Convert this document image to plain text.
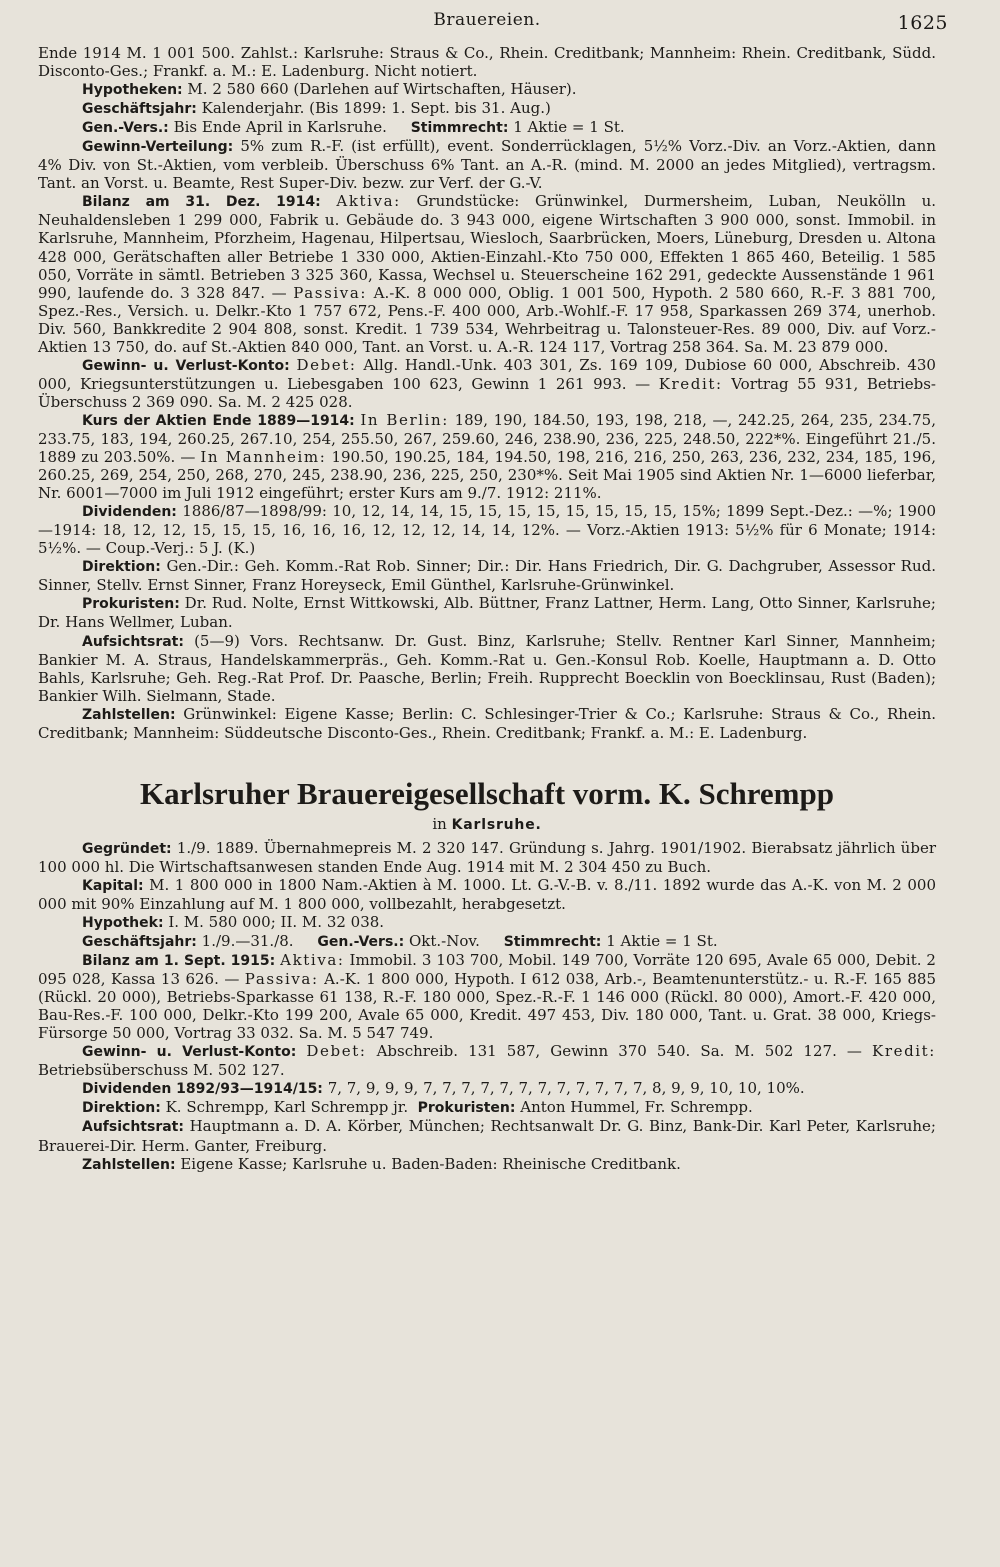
Brauereien.	1625

Ende 1914 M. 1 001 500. Zahlst.: Karlsruhe: Straus & Co., Rhein. Creditbank; Mannheim: Rhein. Creditbank, Südd. Disconto-Ges.; Frankf. a. M.: E. Ladenburg. Nicht notiert.

Hypotheken: M. 2 580 660 (Darlehen auf Wirtschaften, Häuser).

Geschäftsjahr: Kalenderjahr. (Bis 1899: 1. Sept. bis 31. Aug.)

Gen.-Vers.: Bis Ende April in Karlsruhe. Stimmrecht: 1 Aktie = 1 St.

Gewinn-Verteilung: 5% zum R.-F. (ist erfüllt), event. Sonderrücklagen, 5½% Vorz.-Div. an Vorz.-Aktien, dann 4% Div. von St.-Aktien, vom verbleib. Überschuss 6% Tant. an A.-R. (mind. M. 2000 an jedes Mitglied), vertragsm. Tant. an Vorst. u. Beamte, Rest Super-Div. bezw. zur Verf. der G.-V.

Bilanz am 31. Dez. 1914: Aktiva: Grundstücke: Grünwinkel, Durmersheim, Luban, Neukölln u. Neuhaldensleben 1 299 000, Fabrik u. Gebäude do. 3 943 000, eigene Wirtschaften 3 900 000, sonst. Immobil. in Karlsruhe, Mannheim, Pforzheim, Hagenau, Hilpertsau, Wiesloch, Saarbrücken, Moers, Lüneburg, Dresden u. Altona 428 000, Gerätschaften aller Betriebe 1 330 000, Aktien-Einzahl.-Kto 750 000, Effekten 1 865 460, Beteilig. 1 585 050, Vorräte in sämtl. Betrieben 3 325 360, Kassa, Wechsel u. Steuerscheine 162 291, gedeckte Aussenstände 1 961 990, laufende do. 3 328 847. — Passiva: A.-K. 8 000 000, Oblig. 1 001 500, Hypoth. 2 580 660, R.-F. 3 881 700, Spez.-Res., Versich. u. Delkr.-Kto 1 757 672, Pens.-F. 400 000, Arb.-Wohlf.-F. 17 958, Sparkassen 269 374, unerhob. Div. 560, Bankkredite 2 904 808, sonst. Kredit. 1 739 534, Wehrbeitrag u. Talonsteuer-Res. 89 000, Div. auf Vorz.-Aktien 13 750, do. auf St.-Aktien 840 000, Tant. an Vorst. u. A.-R. 124 117, Vortrag 258 364. Sa. M. 23 879 000.

Gewinn- u. Verlust-Konto: Debet: Allg. Handl.-Unk. 403 301, Zs. 169 109, Dubiose 60 000, Abschreib. 430 000, Kriegsunterstützungen u. Liebesgaben 100 623, Gewinn 1 261 993. — Kredit: Vortrag 55 931, Betriebs-Überschuss 2 369 090. Sa. M. 2 425 028.

Kurs der Aktien Ende 1889—1914: In Berlin: 189, 190, 184.50, 193, 198, 218, —, 242.25, 264, 235, 234.75, 233.75, 183, 194, 260.25, 267.10, 254, 255.50, 267, 259.60, 246, 238.90, 236, 225, 248.50, 222*%. Eingeführt 21./5. 1889 zu 203.50%. — In Mannheim: 190.50, 190.25, 184, 194.50, 198, 216, 216, 250, 263, 236, 232, 234, 185, 196, 260.25, 269, 254, 250, 268, 270, 245, 238.90, 236, 225, 250, 230*%. Seit Mai 1905 sind Aktien Nr. 1—6000 lieferbar, Nr. 6001—7000 im Juli 1912 eingeführt; erster Kurs am 9./7. 1912: 211%.

Dividenden: 1886/87—1898/99: 10, 12, 14, 14, 15, 15, 15, 15, 15, 15, 15, 15, 15%; 1899 Sept.-Dez.: —%; 1900—1914: 18, 12, 12, 15, 15, 15, 16, 16, 16, 12, 12, 12, 14, 14, 12%. — Vorz.-Aktien 1913: 5½% für 6 Monate; 1914: 5½%. — Coup.-Verj.: 5 J. (K.)

Direktion: Gen.-Dir.: Geh. Komm.-Rat Rob. Sinner; Dir.: Dir. Hans Friedrich, Dir. G. Dachgruber, Assessor Rud. Sinner, Stellv. Ernst Sinner, Franz Horeyseck, Emil Günthel, Karlsruhe-Grünwinkel.

Prokuristen: Dr. Rud. Nolte, Ernst Wittkowski, Alb. Büttner, Franz Lattner, Herm. Lang, Otto Sinner, Karlsruhe; Dr. Hans Wellmer, Luban.

Aufsichtsrat: (5—9) Vors. Rechtsanw. Dr. Gust. Binz, Karlsruhe; Stellv. Rentner Karl Sinner, Mannheim; Bankier M. A. Straus, Handelskammerpräs., Geh. Komm.-Rat u. Gen.-Konsul Rob. Koelle, Hauptmann a. D. Otto Bahls, Karlsruhe; Geh. Reg.-Rat Prof. Dr. Paasche, Berlin; Freih. Rupprecht Boecklin von Boecklinsau, Rust (Baden); Bankier Wilh. Sielmann, Stade.

Zahlstellen: Grünwinkel: Eigene Kasse; Berlin: C. Schlesinger-Trier & Co.; Karlsruhe: Straus & Co., Rhein. Creditbank; Mannheim: Süddeutsche Disconto-Ges., Rhein. Creditbank; Frankf. a. M.: E. Ladenburg.

Karlsruher Brauereigesellschaft vorm. K. Schrempp
in Karlsruhe.

Gegründet: 1./9. 1889. Übernahmepreis M. 2 320 147. Gründung s. Jahrg. 1901/1902. Bierabsatz jährlich über 100 000 hl. Die Wirtschaftsanwesen standen Ende Aug. 1914 mit M. 2 304 450 zu Buch.

Kapital: M. 1 800 000 in 1800 Nam.-Aktien à M. 1000. Lt. G.-V.-B. v. 8./11. 1892 wurde das A.-K. von M. 2 000 000 mit 90% Einzahlung auf M. 1 800 000, vollbezahlt, herabgesetzt.

Hypothek: I. M. 580 000; II. M. 32 038.

Geschäftsjahr: 1./9.—31./8. Gen.-Vers.: Okt.-Nov. Stimmrecht: 1 Aktie = 1 St.

Bilanz am 1. Sept. 1915: Aktiva: Immobil. 3 103 700, Mobil. 149 700, Vorräte 120 695, Avale 65 000, Debit. 2 095 028, Kassa 13 626. — Passiva: A.-K. 1 800 000, Hypoth. I 612 038, Arb.-, Beamtenunterstütz.- u. R.-F. 165 885 (Rückl. 20 000), Betriebs-Sparkasse 61 138, R.-F. 180 000, Spez.-R.-F. 1 146 000 (Rückl. 80 000), Amort.-F. 420 000, Bau-Res.-F. 100 000, Delkr.-Kto 199 200, Avale 65 000, Kredit. 497 453, Div. 180 000, Tant. u. Grat. 38 000, Kriegs-Fürsorge 50 000, Vortrag 33 032. Sa. M. 5 547 749.

Gewinn- u. Verlust-Konto: Debet: Abschreib. 131 587, Gewinn 370 540. Sa. M. 502 127. — Kredit: Betriebsüberschuss M. 502 127.

Dividenden 1892/93—1914/15: 7, 7, 9, 9, 9, 7, 7, 7, 7, 7, 7, 7, 7, 7, 7, 7, 7, 8, 9, 9, 10, 10, 10%.

Direktion: K. Schrempp, Karl Schrempp jr. Prokuristen: Anton Hummel, Fr. Schrempp.

Aufsichtsrat: Hauptmann a. D. A. Körber, München; Rechtsanwalt Dr. G. Binz, Bank-Dir. Karl Peter, Karlsruhe; Brauerei-Dir. Herm. Ganter, Freiburg.

Zahlstellen: Eigene Kasse; Karlsruhe u. Baden-Baden: Rheinische Creditbank.
